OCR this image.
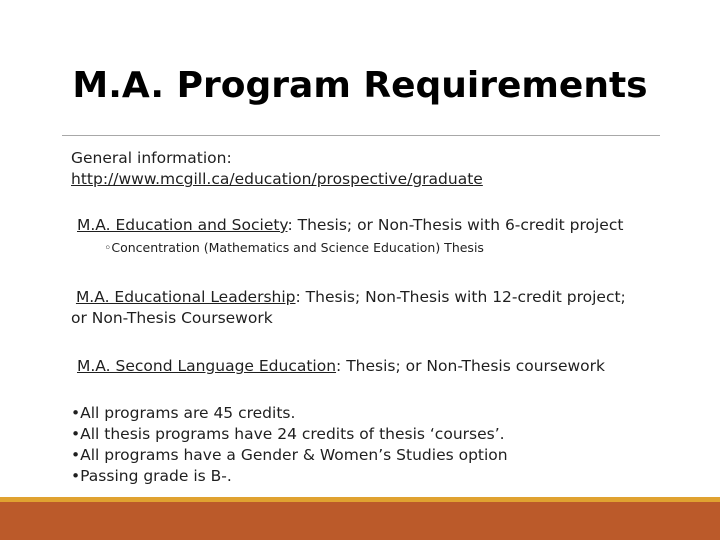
M.A. Program Requirements
General information:
http://www.mcgill.ca/education/prospective/graduate
M.A. Education and Society: Thesis; or Non-Thesis with 6-credit project
◦Concentration (Mathematics and Science Education) Thesis
M.A. Educational Leadership: Thesis; Non-Thesis with 12-credit project;
or Non-Thesis Coursework
M.A. Second Language Education: Thesis; or Non-Thesis coursework
•All programs are 45 credits.
•All thesis programs have 24 credits of thesis ‘courses’.
•All programs have a Gender & Women’s Studies option
•Passing grade is B-.
